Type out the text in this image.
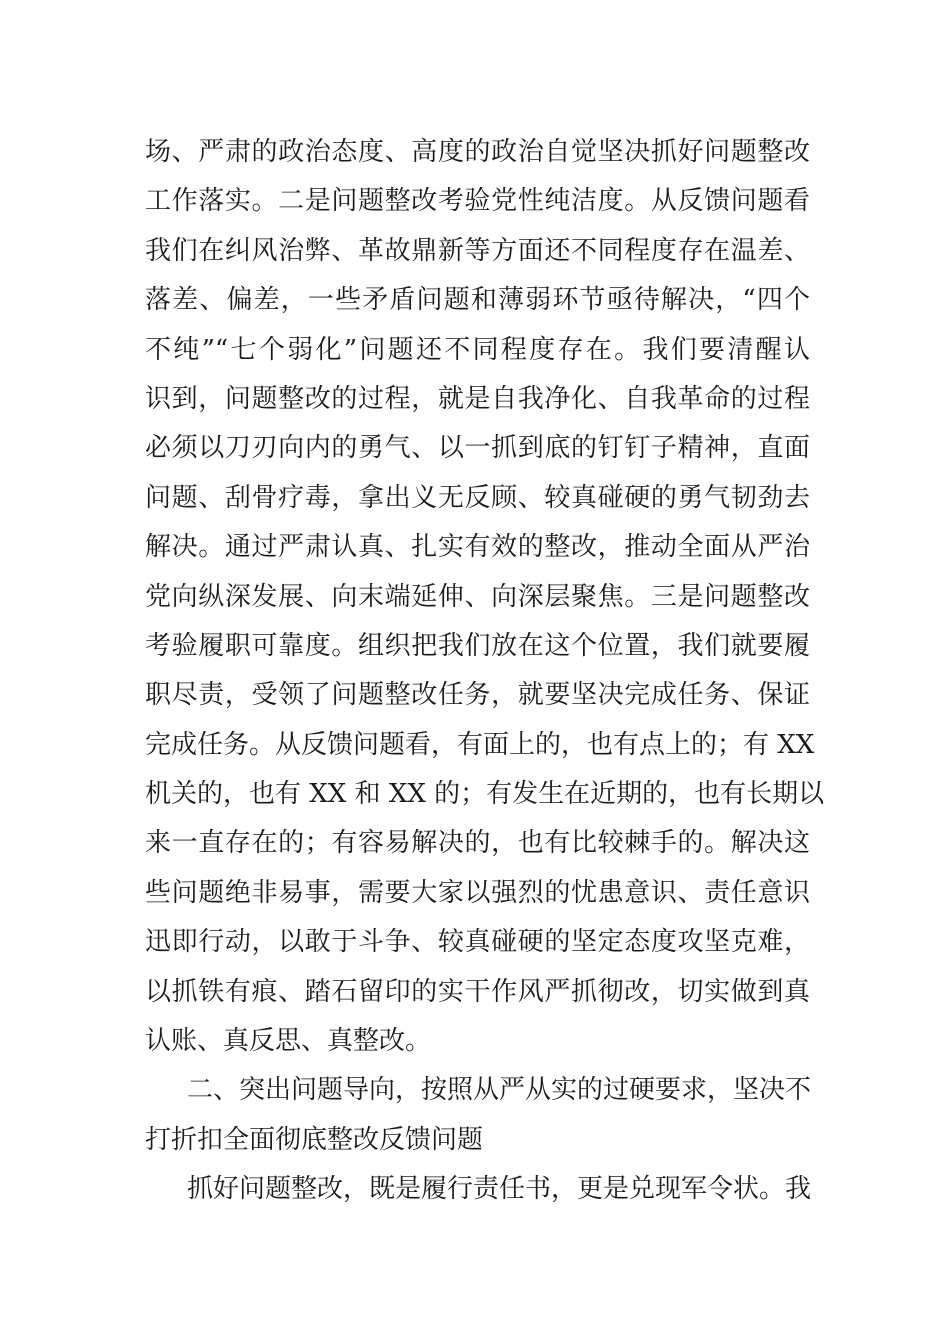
场、严肃的政治态度、高度的政治自觉坚决抓好问题整改
工作落实。二是问题整改考验党性纯洁度。从反馈问题看
我们在纠风治弊、革故鼎新等方面还不同程度存在温差、
落差、偏差，一些矛盾问题和薄弱环节亟待解决，“四个
不纯”“七个弱化”问题还不同程度存在。我们要清醒认
识到，问题整改的过程，就是自我净化、自我革命的过程
必须以刀刃向内的勇气、以一抓到底的钉钉子精神，直面
问题、刮骨疗毒，拿出义无反顾、较真碰硬的勇气韧劲去
解决。通过严肃认真、扎实有效的整改，推动全面从严治
党向纵深发展、向末端延伸、向深层聚焦。三是问题整改
考验履职可靠度。组织把我们放在这个位置，我们就要履
职尽责，受领了问题整改任务，就要坚决完成任务、保证
完成任务。从反馈问题看，有面上的，也有点上的；有 XX
机关的，也有 XX 和 XX 的；有发生在近期的，也有长期以
来一直存在的；有容易解决的，也有比较棘手的。解决这
些问题绝非易事，需要大家以强烈的忧患意识、责任意识
迅即行动，以敢于斗争、较真碰硬的坚定态度攻坚克难，
以抓铁有痕、踏石留印的实干作风严抓彻改，切实做到真
认账、真反思、真整改。
二、突出问题导向，按照从严从实的过硬要求，坚决不
打折扣全面彻底整改反馈问题
抓好问题整改，既是履行责任书，更是兑现军令状。我
